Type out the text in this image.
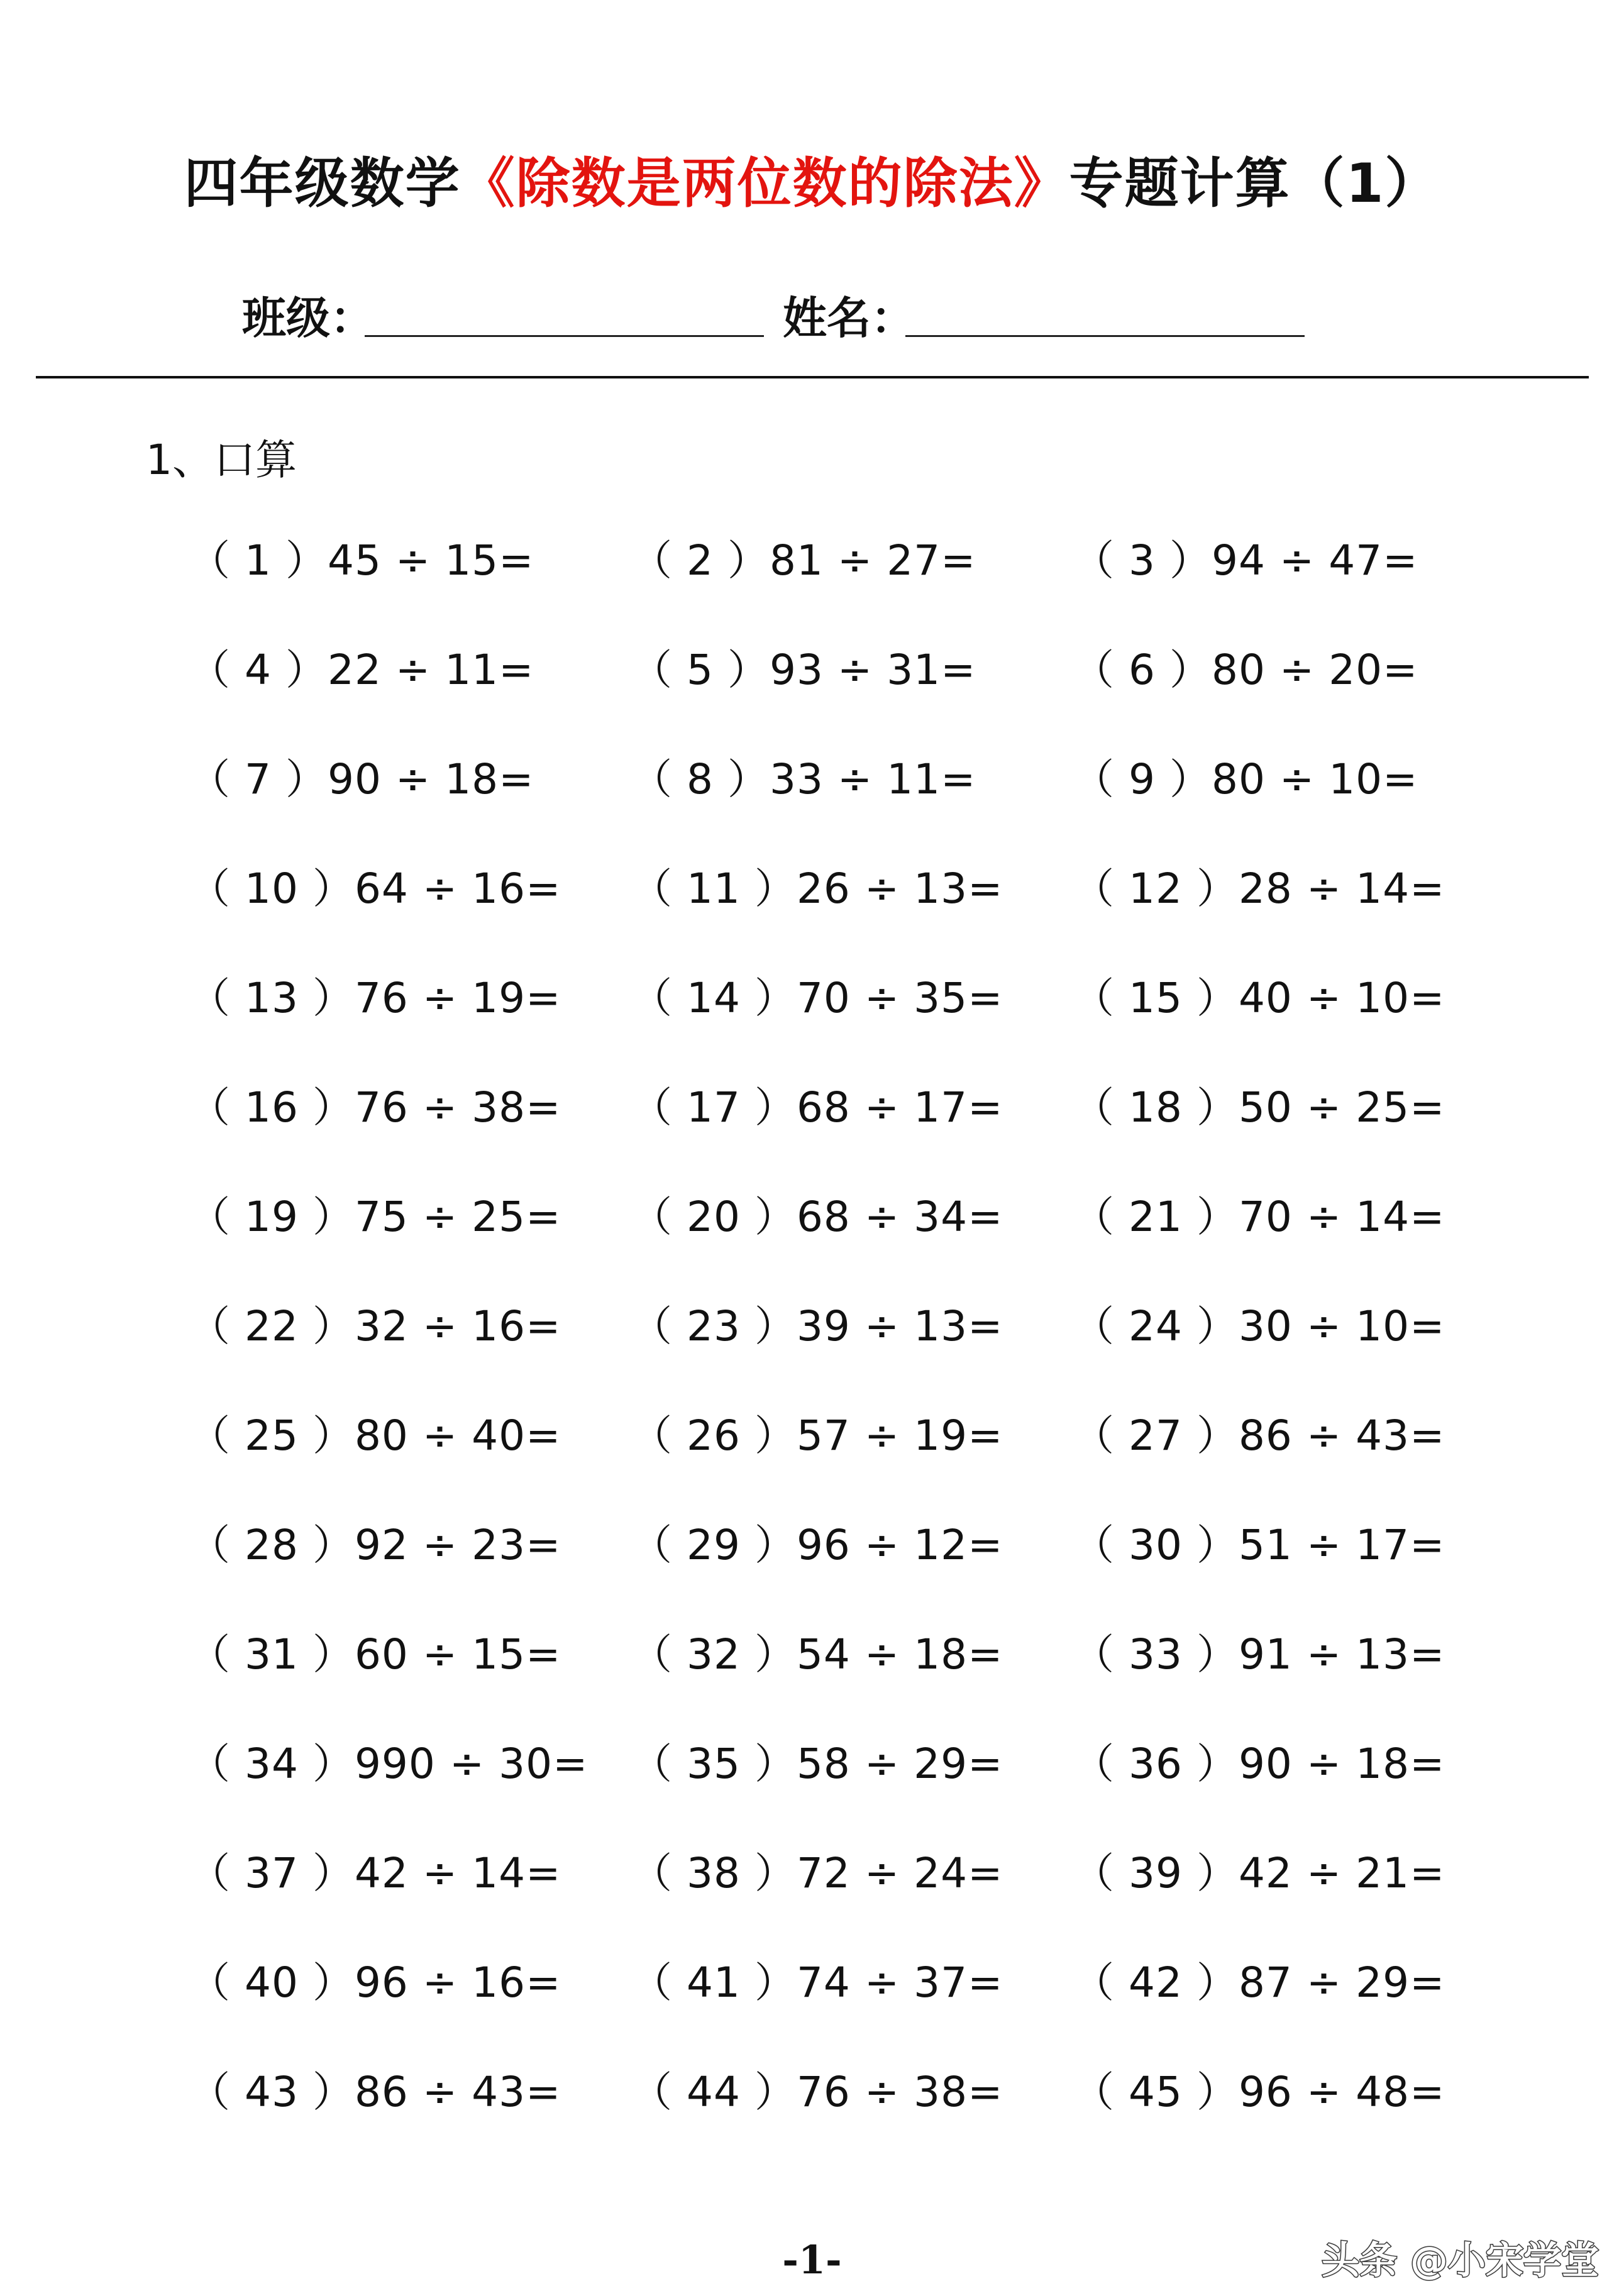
四年级数学《除数是两位数的除法》专题计算（1）
班级：	姓名：
1、口算
（ 1 ）45 ÷ 15= （ 2 ）81 ÷ 27= （ 3 ）94 ÷ 47=
（ 4 ）22 ÷ 11= （ 5 ）93 ÷ 31= （ 6 ）80 ÷ 20=
（ 7 ）90 ÷ 18= （ 8 ）33 ÷ 11= （ 9 ）80 ÷ 10=
（ 10 ）64 ÷ 16= （ 11 ）26 ÷ 13= （ 12 ）28 ÷ 14=
（ 13 ）76 ÷ 19= （ 14 ）70 ÷ 35= （ 15 ）40 ÷ 10=
（ 16 ）76 ÷ 38= （ 17 ）68 ÷ 17= （ 18 ）50 ÷ 25=
（ 19 ）75 ÷ 25= （ 20 ）68 ÷ 34= （ 21 ）70 ÷ 14=
（ 22 ）32 ÷ 16= （ 23 ）39 ÷ 13= （ 24 ）30 ÷ 10=
（ 25 ）80 ÷ 40= （ 26 ）57 ÷ 19= （ 27 ）86 ÷ 43=
（ 28 ）92 ÷ 23= （ 29 ）96 ÷ 12= （ 30 ）51 ÷ 17=
（ 31 ）60 ÷ 15= （ 32 ）54 ÷ 18= （ 33 ）91 ÷ 13=
（ 34 ）990 ÷ 30= （ 35 ）58 ÷ 29= （ 36 ）90 ÷ 18=
（ 37 ）42 ÷ 14= （ 38 ）72 ÷ 24= （ 39 ）42 ÷ 21=
（ 40 ）96 ÷ 16= （ 41 ）74 ÷ 37= （ 42 ）87 ÷ 29=
（ 43 ）86 ÷ 43= （ 44 ）76 ÷ 38= （ 45 ）96 ÷ 48=
-1-	头条 @小宋学堂
